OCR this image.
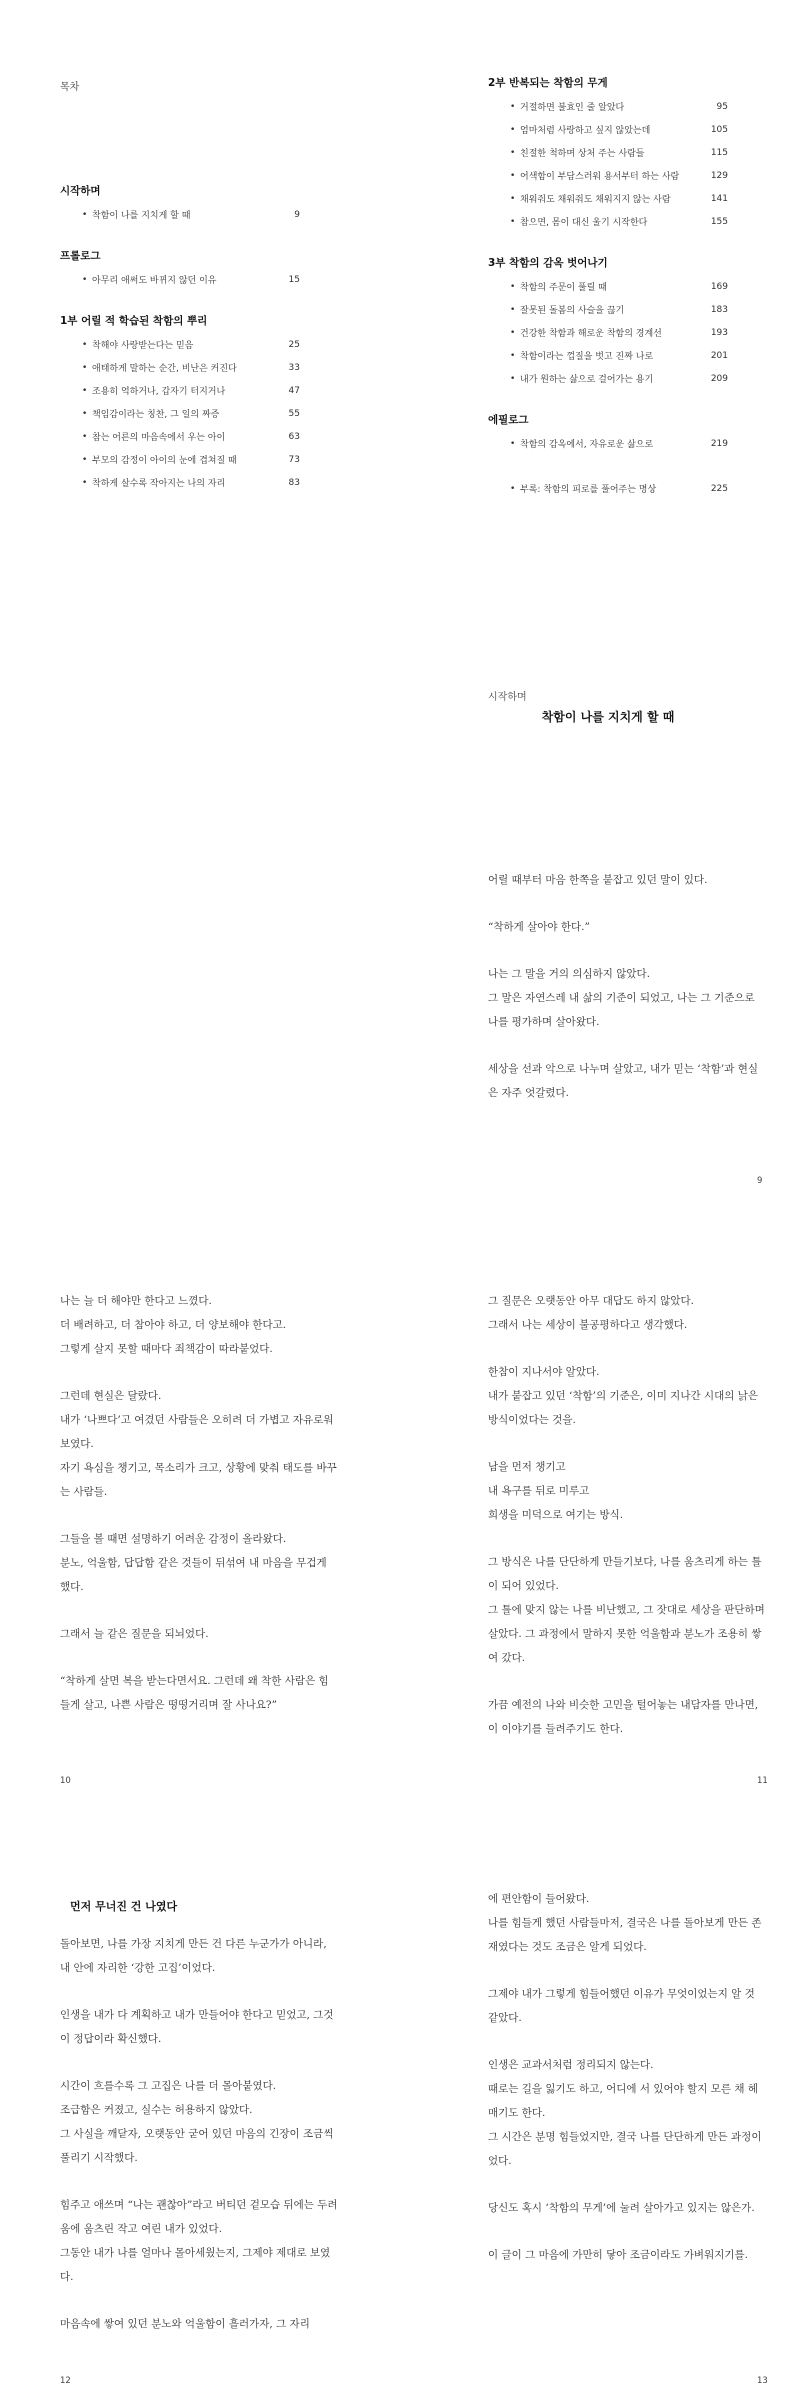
목차
시작하며
• 착함이 나를 지치게 할 때	9
프롤로그
• 아무리 애써도 바뀌지 않던 이유	15
1부 어릴 적 학습된 착함의 뿌리
• 착해야 사랑받는다는 믿음	25
• 애태하게 말하는 순간, 비난은 커진다	33
• 조용히 억하거나, 갑자기 터지거나	47
• 책임감이라는 칭찬, 그 일의 짜증	55
• 참는 어른의 마음속에서 우는 아이	63
• 부모의 감정이 아이의 눈에 겹쳐질 때	73
• 착하게 살수록 작아지는 나의 자리	83
2부 반복되는 착함의 무게
• 거절하면 불효인 줄 알았다	95
• 엄마처럼 사랑하고 싶지 않았는데	105
• 친절한 척하며 상처 주는 사람들	115
• 어색함이 부담스러워 용서부터 하는 사람	129
• 채워줘도 채워줘도 채워지지 않는 사람	141
• 참으면, 몸이 대신 울기 시작한다	155
3부 착함의 감옥 벗어나기
• 착함의 주문이 풀릴 때	169
• 잘못된 돌봄의 사슬을 끊기	183
• 건강한 착함과 해로운 착함의 경계선	193
• 착함이라는 껍질을 벗고 진짜 나로	201
• 내가 원하는 삶으로 걸어가는 용기	209
에필로그
• 착함의 감옥에서, 자유로운 삶으로	219
• 부록: 착함의 피로를 풀어주는 명상	225
시작하며
착함이 나를 지치게 할 때

어릴 때부터 마음 한쪽을 붙잡고 있던 말이 있다.

“착하게 살아야 한다.”

나는 그 말을 거의 의심하지 않았다.
그 말은 자연스레 내 삶의 기준이 되었고, 나는 그 기준으로 나를 평가하며 살아왔다.

세상을 선과 악으로 나누며 살았고, 내가 믿는 ‘착함’과 현실은 자주 엇갈렸다.

9

나는 늘 더 해야만 한다고 느꼈다.
더 배려하고, 더 참아야 하고, 더 양보해야 한다고.
그렇게 살지 못할 때마다 죄책감이 따라붙었다.

그런데 현실은 달랐다.
내가 ‘나쁘다’고 여겼던 사람들은 오히려 더 가볍고 자유로워 보였다.
자기 욕심을 챙기고, 목소리가 크고, 상황에 맞춰 태도를 바꾸는 사람들.

그들을 볼 때면 설명하기 어려운 감정이 올라왔다.
분노, 억울함, 답답함 같은 것들이 뒤섞여 내 마음을 무겁게 했다.

그래서 늘 같은 질문을 되뇌었다.

“착하게 살면 복을 받는다면서요. 그런데 왜 착한 사람은 힘들게 살고, 나쁜 사람은 떵떵거리며 잘 사나요?”

10

그 질문은 오랫동안 아무 대답도 하지 않았다.
그래서 나는 세상이 불공평하다고 생각했다.

한참이 지나서야 알았다.
내가 붙잡고 있던 ‘착함’의 기준은, 이미 지나간 시대의 낡은 방식이었다는 것을.

남을 먼저 챙기고
내 욕구를 뒤로 미루고
희생을 미덕으로 여기는 방식.

그 방식은 나를 단단하게 만들기보다, 나를 움츠리게 하는 틀이 되어 있었다.
그 틀에 맞지 않는 나를 비난했고, 그 잣대로 세상을 판단하며 살았다. 그 과정에서 말하지 못한 억울함과 분노가 조용히 쌓여 갔다.

가끔 예전의 나와 비슷한 고민을 털어놓는 내담자를 만나면, 이 이야기를 들려주기도 한다.

11
먼저 무너진 건 나였다

돌아보면, 나를 가장 지치게 만든 건 다른 누군가가 아니라, 내 안에 자리한 ‘강한 고집’이었다.

인생을 내가 다 계획하고 내가 만들어야 한다고 믿었고, 그것이 정답이라 확신했다.

시간이 흐를수록 그 고집은 나를 더 몰아붙였다.
조급함은 커졌고, 실수는 허용하지 않았다.
그 사실을 깨닫자, 오랫동안 굳어 있던 마음의 긴장이 조금씩 풀리기 시작했다.

힘주고 애쓰며 “나는 괜찮아”라고 버티던 겉모습 뒤에는 두려움에 움츠린 작고 여린 내가 있었다.
그동안 내가 나를 얼마나 몰아세웠는지, 그제야 제대로 보였다.

마음속에 쌓여 있던 분노와 억울함이 흘러가자, 그 자리

12

에 편안함이 들어왔다.
나를 힘들게 했던 사람들마저, 결국은 나를 돌아보게 만든 존재였다는 것도 조금은 알게 되었다.

그제야 내가 그렇게 힘들어했던 이유가 무엇이었는지 알 것 같았다.

인생은 교과서처럼 정리되지 않는다.
때로는 길을 잃기도 하고, 어디에 서 있어야 할지 모른 채 헤매기도 한다.
그 시간은 분명 힘들었지만, 결국 나를 단단하게 만든 과정이었다.

당신도 혹시 ‘착함의 무게’에 눌려 살아가고 있지는 않은가.

이 글이 그 마음에 가만히 닿아 조금이라도 가벼워지기를.

13
